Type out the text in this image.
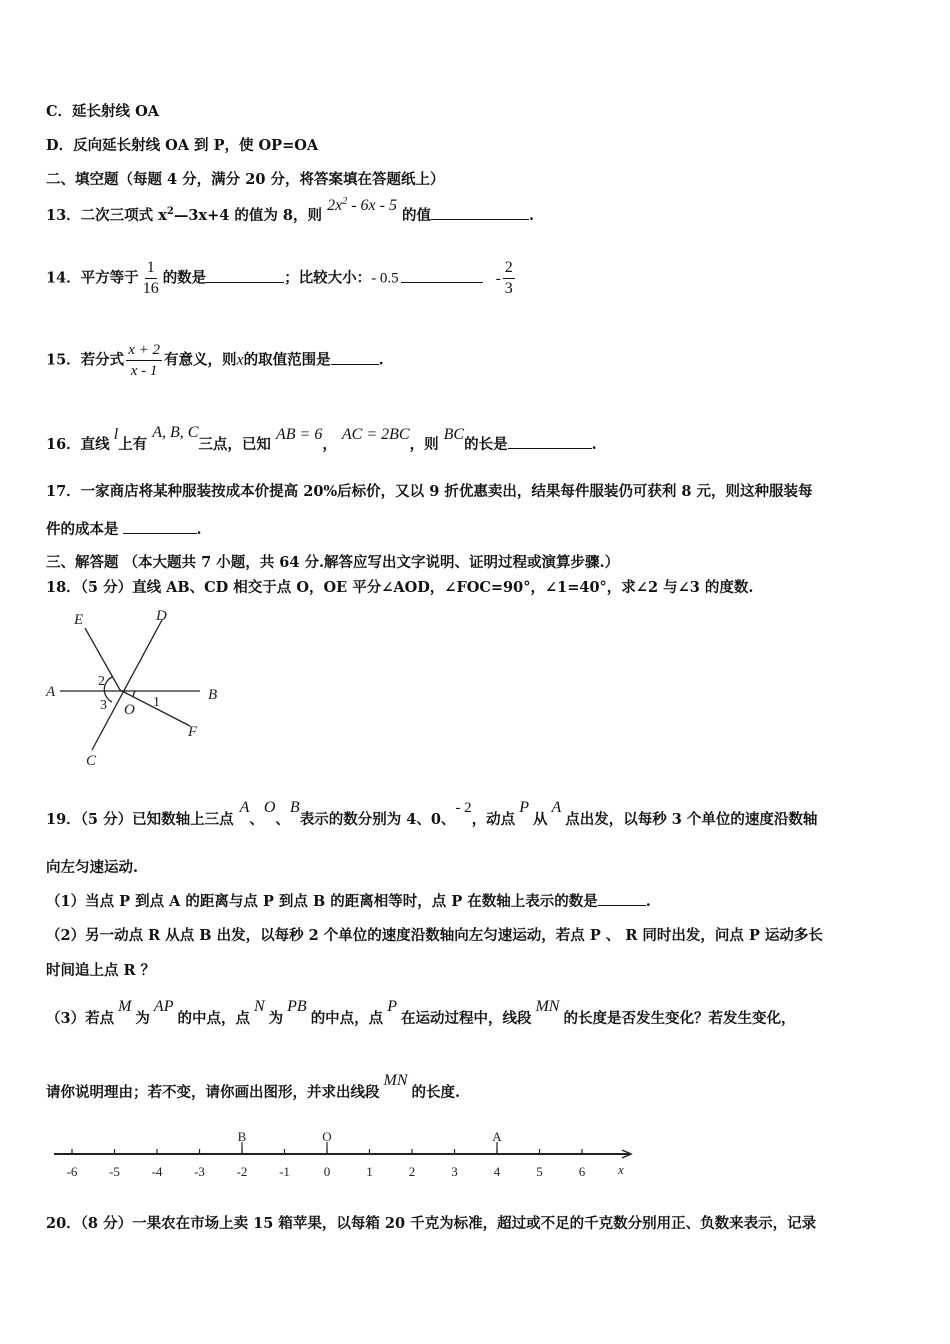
C．延长射线 OA
D．反向延长射线 OA 到 P，使 OP=OA
二、填空题（每题 4 分，满分 20 分，将答案填在答题纸上）
13．二次三项式 $x^2—3x+4$ 的值为 8，则 $2x^2 - 6x - 5$ 的值	.
14．平方等于 $\frac{1}{16}$ 的数是	；比较大小：- 0.5	- $\frac{2}{3}$
15．若分式 $\frac{x + 2}{x - 1}$ 有意义，则x的取值范围是	.
16．直线l上有 A, B, C三点，已知 AB = 6， AC = 2BC，则 BC的长是	.
17．一家商店将某种服装按成本价提高 20%后标价，又以 9 折优惠卖出，结果每件服装仍可获利 8 元，则这种服装每
件的成本是	.
三、解答题 （本大题共 7 小题，共 64 分.解答应写出文字说明、证明过程或演算步骤.）
18．（5 分）直线 AB、CD 相交于点 O，OE 平分∠AOD，∠FOC=90°，∠1=40°，求∠2 与∠3 的度数.
E	D
A	B
O
F
C
2
3	1
19．（5 分）已知数轴上三点A、O、B表示的数分别为 4、0、- 2，动点P从A点出发，以每秒 3 个单位的速度沿数轴
向左匀速运动.
（1）当点 P 到点 A 的距离与点 P 到点 B 的距离相等时，点 P 在数轴上表示的数是	.
（2）另一动点 R 从点 B 出发，以每秒 2 个单位的速度沿数轴向左匀速运动，若点 P 、 R 同时出发，问点 P 运动多长
时间追上点 R ？
（3）若点M为AP的中点，点N为PB的中点，点P在运动过程中，线段MN的长度是否发生变化？若发生变化，
请你说明理由；若不变，请你画出图形，并求出线段MN的长度.
-6 -5 -4 -3 -2 -1	0	1	2	3	4	5	6	x
B	O	A
20．（8 分）一果农在市场上卖 15 箱苹果，以每箱 20 千克为标准，超过或不足的千克数分别用正、负数来表示，记录
